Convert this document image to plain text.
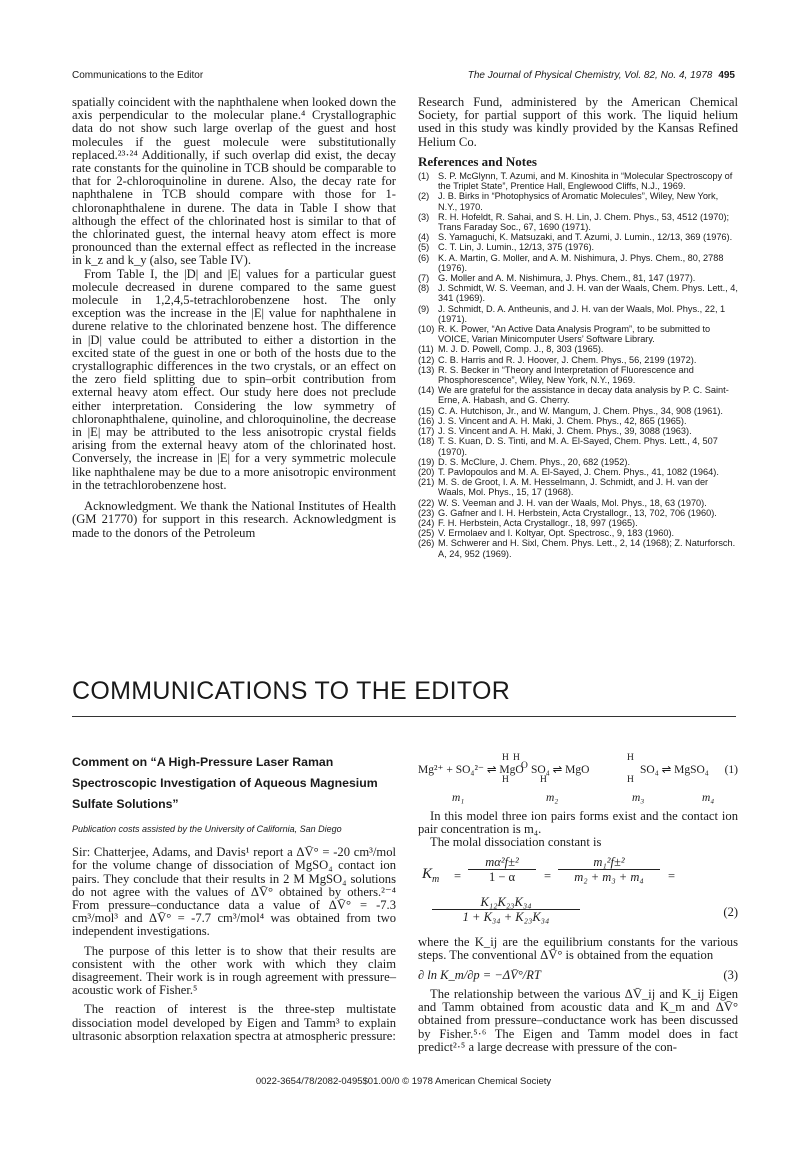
Communications to the Editor	The Journal of Physical Chemistry, Vol. 82, No. 4, 1978 495

spatially coincident with the naphthalene when looked down the axis perpendicular to the molecular plane.⁴ Crystallographic data do not show such large overlap of the guest and host molecules if the guest molecule were substitutionally replaced.²³·²⁴ Additionally, if such overlap did exist, the decay rate constants for the quinoline in TCB should be comparable to that for 2-chloroquinoline in durene. Also, the decay rate for naphthalene in TCB should compare with those for 1-chloronaphthalene in durene. The data in Table I show that although the effect of the chlorinated host is similar to that of the chlorinated guest, the internal heavy atom effect is more pronounced than the external effect as reflected in the increase in k_z and k_y (also, see Table IV).

From Table I, the |D| and |E| values for a particular guest molecule decreased in durene compared to the same guest molecule in 1,2,4,5-tetrachlorobenzene host. The only exception was the increase in the |E| value for naphthalene in durene relative to the chlorinated benzene host. The difference in |D| value could be attributed to either a distortion in the excited state of the guest in one or both of the hosts due to the crystallographic differences in the two crystals, or an effect on the zero field splitting due to spin–orbit contribution from external heavy atom effect. Our study here does not preclude either interpretation. Considering the low symmetry of chloronaphthalene, quinoline, and chloroquinoline, the decrease in |E| may be attributed to the less anisotropic crystal fields arising from the external heavy atom of the chlorinated host. Conversely, the increase in |E| for a very symmetric molecule like naphthalene may be due to a more anisotropic environment in the tetrachlorobenzene host.

Acknowledgment. We thank the National Institutes of Health (GM 21770) for support in this research. Acknowledgment is made to the donors of the Petroleum

Research Fund, administered by the American Chemical Society, for partial support of this work. The liquid helium used in this study was kindly provided by the Kansas Refined Helium Co.

References and Notes
(1) S. P. McGlynn, T. Azumi, and M. Kinoshita in “Molecular Spectroscopy of the Triplet State”, Prentice Hall, Englewood Cliffs, N.J., 1969.
(2) J. B. Birks in “Photophysics of Aromatic Molecules”, Wiley, New York, N.Y., 1970.
(3) R. H. Hofeldt, R. Sahai, and S. H. Lin, J. Chem. Phys., 53, 4512 (1970); Trans Faraday Soc., 67, 1690 (1971).
(4) S. Yamaguchi, K. Matsuzaki, and T. Azumi, J. Lumin., 12/13, 369 (1976).
(5) C. T. Lin, J. Lumin., 12/13, 375 (1976).
(6) K. A. Martin, G. Moller, and A. M. Nishimura, J. Phys. Chem., 80, 2788 (1976).
(7) G. Moller and A. M. Nishimura, J. Phys. Chem., 81, 147 (1977).
(8) J. Schmidt, W. S. Veeman, and J. H. van der Waals, Chem. Phys. Lett., 4, 341 (1969).
(9) J. Schmidt, D. A. Antheunis, and J. H. van der Waals, Mol. Phys., 22, 1 (1971).
(10) R. K. Power, “An Active Data Analysis Program”, to be submitted to VOICE, Varian Minicomputer Users’ Software Library.
(11) M. J. D. Powell, Comp. J., 8, 303 (1965).
(12) C. B. Harris and R. J. Hoover, J. Chem. Phys., 56, 2199 (1972).
(13) R. S. Becker in “Theory and Interpretation of Fluorescence and Phosphorescence”, Wiley, New York, N.Y., 1969.
(14) We are grateful for the assistance in decay data analysis by P. C. Saint-Erne, A. Habash, and G. Cherry.
(15) C. A. Hutchison, Jr., and W. Mangum, J. Chem. Phys., 34, 908 (1961).
(16) J. S. Vincent and A. H. Maki, J. Chem. Phys., 42, 865 (1965).
(17) J. S. Vincent and A. H. Maki, J. Chem. Phys., 39, 3088 (1963).
(18) T. S. Kuan, D. S. Tinti, and M. A. El-Sayed, Chem. Phys. Lett., 4, 507 (1970).
(19) D. S. McClure, J. Chem. Phys., 20, 682 (1952).
(20) T. Pavlopoulos and M. A. El-Sayed, J. Chem. Phys., 41, 1082 (1964).
(21) M. S. de Groot, I. A. M. Hesselmann, J. Schmidt, and J. H. van der Waals, Mol. Phys., 15, 17 (1968).
(22) W. S. Veeman and J. H. van der Waals, Mol. Phys., 18, 63 (1970).
(23) G. Gafner and I. H. Herbstein, Acta Crystallogr., 13, 702, 706 (1960).
(24) F. H. Herbstein, Acta Crystallogr., 18, 997 (1965).
(25) V. Ermolaev and I. Koltyar, Opt. Spectrosc., 9, 183 (1960).
(26) M. Schwerer and H. Sixl, Chem. Phys. Lett., 2, 14 (1968); Z. Naturforsch. A, 24, 952 (1969).
COMMUNICATIONS TO THE EDITOR
Comment on “A High-Pressure Laser Raman Spectroscopic Investigation of Aqueous Magnesium Sulfate Solutions”
Publication costs assisted by the University of California, San Diego

Sir: Chatterjee, Adams, and Davis¹ report a ΔV̄° = -20 cm³/mol for the volume change of dissociation of MgSO₄ contact ion pairs. They conclude that their results in 2 M MgSO₄ solutions do not agree with the values of ΔV̄° obtained by others.²⁻⁴ From pressure–conductance data a value of ΔV̄° = -7.3 cm³/mol³ and ΔV̄° = -7.7 cm³/mol⁴ was obtained from two independent investigations.

The purpose of this letter is to show that their results are consistent with the other work with which they claim disagreement. Their work is in rough agreement with pressure–acoustic work of Fisher.⁵

The reaction of interest is the three-step multistate dissociation model developed by Eigen and Tamm³ to explain ultrasonic absorption relaxation spectra at atmospheric pressure:

H H	H
Mg²⁺ + SO₄²⁻ ⇌ MgO
O SO₄ ⇌ MgO	SO₄ ⇌ MgSO₄ (1)
H	H	H
m₁	m₂	m₃	m₄

In this model three ion pairs forms exist and the contact ion pair concentration is m₄.

The molal dissociation constant is

$K_m$ =
mα²f±²
1 − α	=
m₁²f±²
m₂ + m₃ + m₄	=
K₁₂K₂₃K₃₄
1 + K₃₄ + K₂₃K₃₄	(2)

where the K_ij are the equilibrium constants for the various steps. The conventional ΔV̄° is obtained from the equation

∂ ln K_m/∂p = −ΔV̄°/RT	(3)

The relationship between the various ΔV̄_ij and K_ij Eigen and Tamm obtained from acoustic data and K_m and ΔV̄° obtained from pressure–conductance work has been discussed by Fisher.⁵·⁶ The Eigen and Tamm model does in fact predict²·⁵ a large decrease with pressure of the con-

0022-3654/78/2082-0495$01.00/0 © 1978 American Chemical Society
